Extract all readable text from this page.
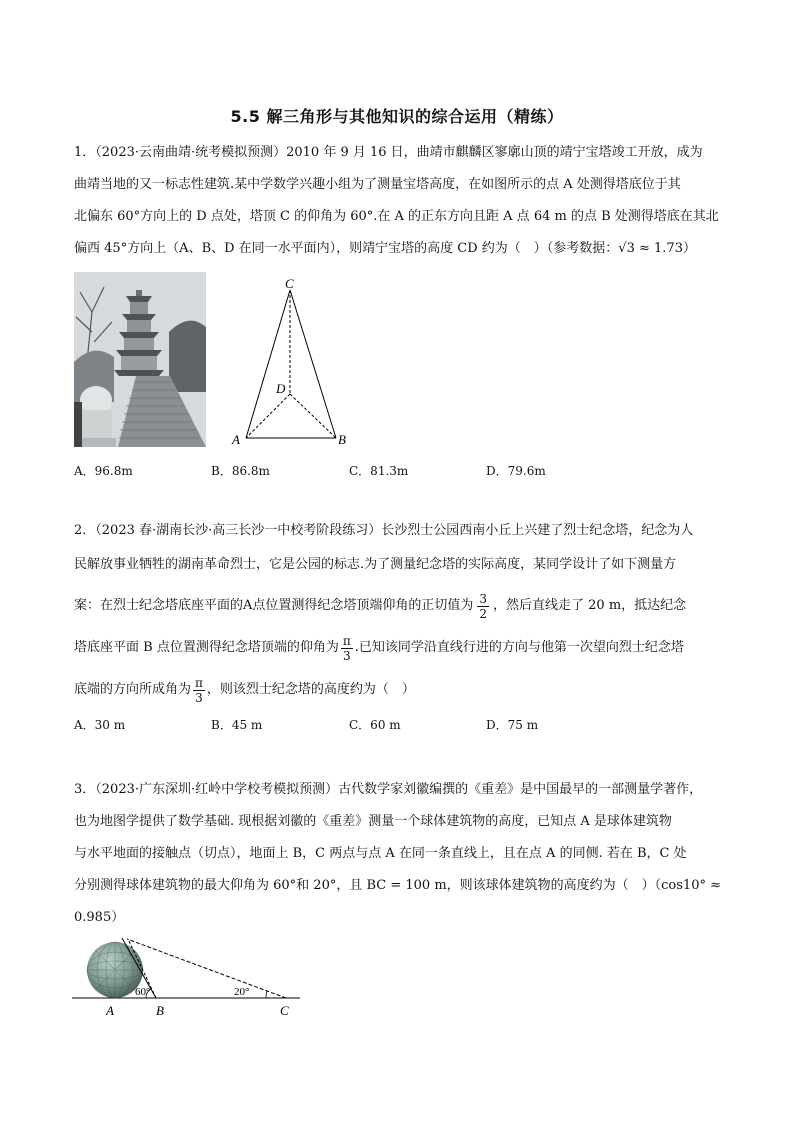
5.5 解三角形与其他知识的综合运用（精练）
1．（2023·云南曲靖·统考模拟预测）2010 年 9 月 16 日，曲靖市麒麟区寥廓山顶的靖宁宝塔竣工开放，成为
曲靖当地的又一标志性建筑.某中学数学兴趣小组为了测量宝塔高度，在如图所示的点 A 处测得塔底位于其
北偏东 60°方向上的 D 点处，塔顶 C 的仰角为 60°.在 A 的正东方向且距 A 点 64 m 的点 B 处测得塔底在其北
偏西 45°方向上（A、B、D 在同一水平面内），则靖宁宝塔的高度 CD 约为（　）（参考数据：√3 ≈ 1.73）
C
D
A	B
A．96.8m	B．86.8m	C．81.3m	D．79.6m
2．（2023 春·湖南长沙·高三长沙一中校考阶段练习）长沙烈士公园西南小丘上兴建了烈士纪念塔，纪念为人
民解放事业牺牲的湖南革命烈士，它是公园的标志.为了测量纪念塔的实际高度，某同学设计了如下测量方
案：在烈士纪念塔底座平面的A点位置测得纪念塔顶端仰角的正切值为 $\frac{3}{2}$ ，然后直线走了 20 m，抵达纪念
塔底座平面 B 点位置测得纪念塔顶端的仰角为 $\frac{\pi}{3}$ .已知该同学沿直线行进的方向与他第一次望向烈士纪念塔
底端的方向所成角为 $\frac{\pi}{3}$ ，则该烈士纪念塔的高度约为（　）
A．30 m	B．45 m	C．60 m	D．75 m
3．（2023·广东深圳·红岭中学校考模拟预测）古代数学家刘徽编撰的《重差》是中国最早的一部测量学著作，
也为地图学提供了数学基础. 现根据刘徽的《重差》测量一个球体建筑物的高度，已知点 A 是球体建筑物
与水平地面的接触点（切点），地面上 B，C 两点与点 A 在同一条直线上，且在点 A 的同侧. 若在 B，C 处
分别测得球体建筑物的最大仰角为 60°和 20°，且 BC = 100 m，则该球体建筑物的高度约为（　）（cos10° ≈
0.985）
60°	20°
A	B	C
